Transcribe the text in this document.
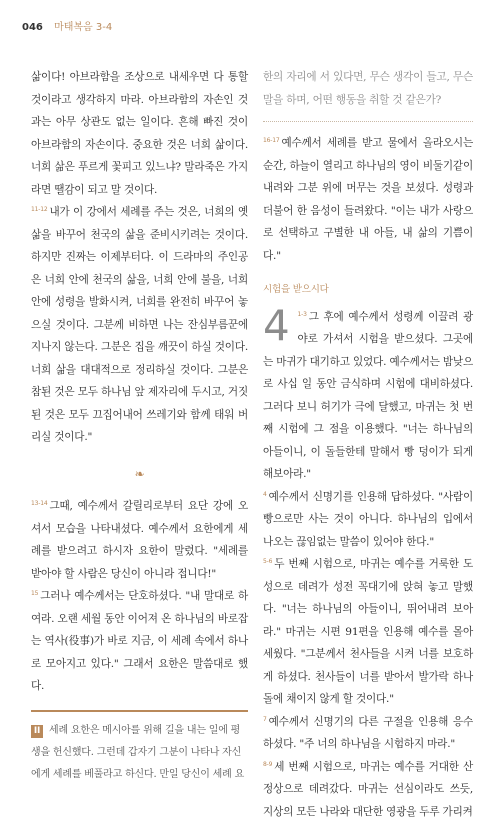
046 마태복음 3-4

삶이다! 아브라함을 조상으로 내세우면 다 통할 것이라고 생각하지 마라. 아브라함의 자손인 것과는 아무 상관도 없는 일이다. 흔해 빠진 것이 아브라함의 자손이다. 중요한 것은 너희 삶이다. 너희 삶은 푸르게 꽃피고 있느냐? 말라죽은 가지라면 땔감이 되고 말 것이다.

$^{11-12}$ 내가 이 강에서 세례를 주는 것은, 너희의 옛 삶을 바꾸어 천국의 삶을 준비시키려는 것이다. 하지만 진짜는 이제부터다. 이 드라마의 주인공은 너희 안에 천국의 삶을, 너희 안에 불을, 너희 안에 성령을 발화시켜, 너희를 완전히 바꾸어 놓으실 것이다. 그분께 비하면 나는 잔심부름꾼에 지나지 않는다. 그분은 집을 깨끗이 하실 것이다. 너희 삶을 대대적으로 정리하실 것이다. 그분은 참된 것은 모두 하나님 앞 제자리에 두시고, 거짓된 것은 모두 끄집어내어 쓰레기와 함께 태워 버리실 것이다."

❧

$^{13-14}$ 그때, 예수께서 갈릴리로부터 요단 강에 오셔서 모습을 나타내셨다. 예수께서 요한에게 세례를 받으려고 하시자 요한이 말렸다. "세례를 받아야 할 사람은 당신이 아니라 접니다!"

$^{15}$ 그러나 예수께서는 단호하셨다. "내 말대로 하여라. 오랜 세월 동안 이어져 온 하나님의 바로잡는 역사(役事)가 바로 지금, 이 세례 속에서 하나로 모아지고 있다." 그래서 요한은 말씀대로 했다.

II 세례 요한은 메시아를 위해 길을 내는 일에 평생을 헌신했다. 그런데 갑자기 그분이 나타나 자신에게 세례를 베풀라고 하신다. 만일 당신이 세례 요

한의 자리에 서 있다면, 무슨 생각이 들고, 무슨 말을 하며, 어떤 행동을 취할 것 같은가?

$^{16-17}$ 예수께서 세례를 받고 물에서 올라오시는 순간, 하늘이 열리고 하나님의 영이 비둘기같이 내려와 그분 위에 머무는 것을 보셨다. 성령과 더불어 한 음성이 들려왔다. "이는 내가 사랑으로 선택하고 구별한 내 아들, 내 삶의 기쁨이다."

시험을 받으시다
4	$^{1-3}$ 그 후에 예수께서 성령께 이끌려 광야로 가셔서 시험을 받으셨다. 그곳에는 마귀가 대기하고 있었다. 예수께서는 밤낮으로 사십 일 동안 금식하며 시험에 대비하셨다. 그러다 보니 허기가 극에 달했고, 마귀는 첫 번째 시험에 그 점을 이용했다. "너는 하나님의 아들이니, 이 돌들한테 말해서 빵 덩이가 되게 해보아라."

$^4$ 예수께서 신명기를 인용해 답하셨다. "사람이 빵으로만 사는 것이 아니다. 하나님의 입에서 나오는 끊임없는 말씀이 있어야 한다."

$^{5-6}$ 두 번째 시험으로, 마귀는 예수를 거룩한 도성으로 데려가 성전 꼭대기에 앉혀 놓고 말했다. "너는 하나님의 아들이니, 뛰어내려 보아라." 마귀는 시편 91편을 인용해 예수를 몰아세웠다. "그분께서 천사들을 시켜 너를 보호하게 하셨다. 천사들이 너를 받아서 발가락 하나 돌에 채이지 않게 할 것이다."

$^7$ 예수께서 신명기의 다른 구절을 인용해 응수하셨다. "주 너의 하나님을 시험하지 마라."

$^{8-9}$ 세 번째 시험으로, 마귀는 예수를 거대한 산 정상으로 데려갔다. 마귀는 선심이라도 쓰듯, 지상의 모든 나라와 대단한 영광을 두루 가리켜
